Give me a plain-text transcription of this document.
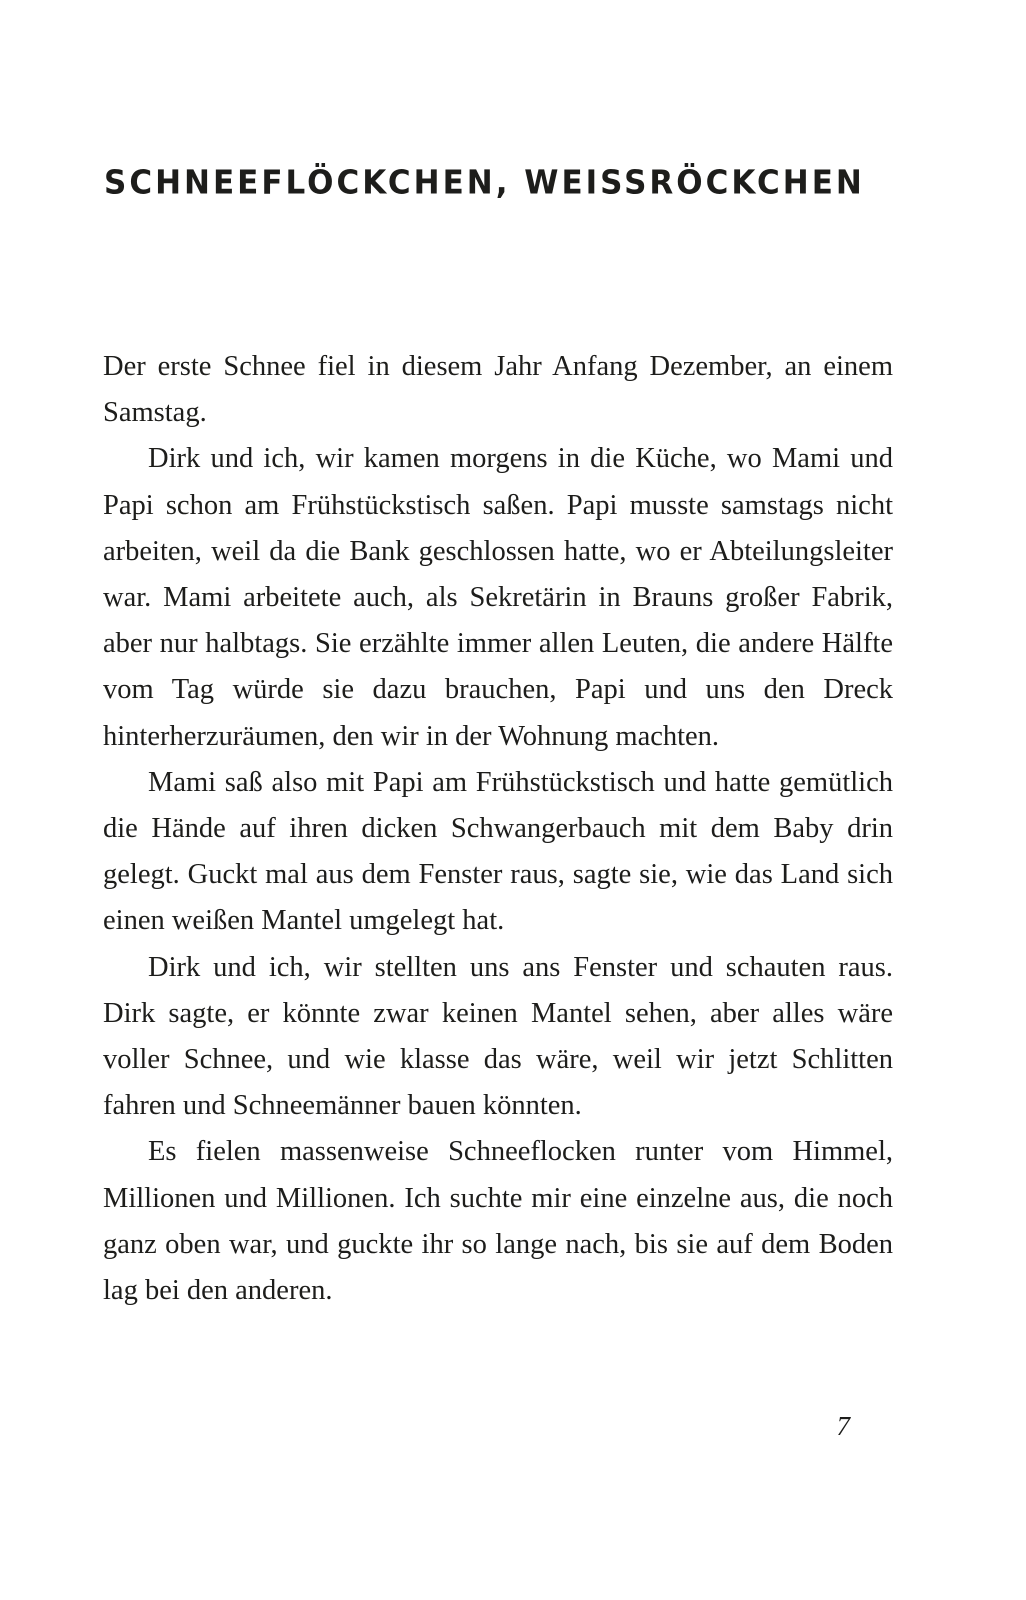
SCHNEEFLÖCKCHEN, WEISSRÖCKCHEN

Der erste Schnee fiel in diesem Jahr Anfang Dezember, an einem Samstag.

Dirk und ich, wir kamen morgens in die Küche, wo Mami und Papi schon am Frühstückstisch saßen. Papi musste samstags nicht arbeiten, weil da die Bank geschlossen hatte, wo er Abteilungsleiter war. Mami arbeitete auch, als Sekretärin in Brauns großer Fabrik, aber nur halbtags. Sie erzählte immer allen Leuten, die andere Hälfte vom Tag würde sie dazu brauchen, Papi und uns den Dreck hinterherzuräumen, den wir in der Wohnung machten.

Mami saß also mit Papi am Frühstückstisch und hatte gemütlich die Hände auf ihren dicken Schwangerbauch mit dem Baby drin gelegt. Guckt mal aus dem Fenster raus, sagte sie, wie das Land sich einen weißen Mantel umgelegt hat.

Dirk und ich, wir stellten uns ans Fenster und schauten raus. Dirk sagte, er könnte zwar keinen Mantel sehen, aber alles wäre voller Schnee, und wie klasse das wäre, weil wir jetzt Schlitten fahren und Schneemänner bauen könnten.

Es fielen massenweise Schneeflocken runter vom Himmel, Millionen und Millionen. Ich suchte mir eine einzelne aus, die noch ganz oben war, und guckte ihr so lange nach, bis sie auf dem Boden lag bei den anderen.

7
